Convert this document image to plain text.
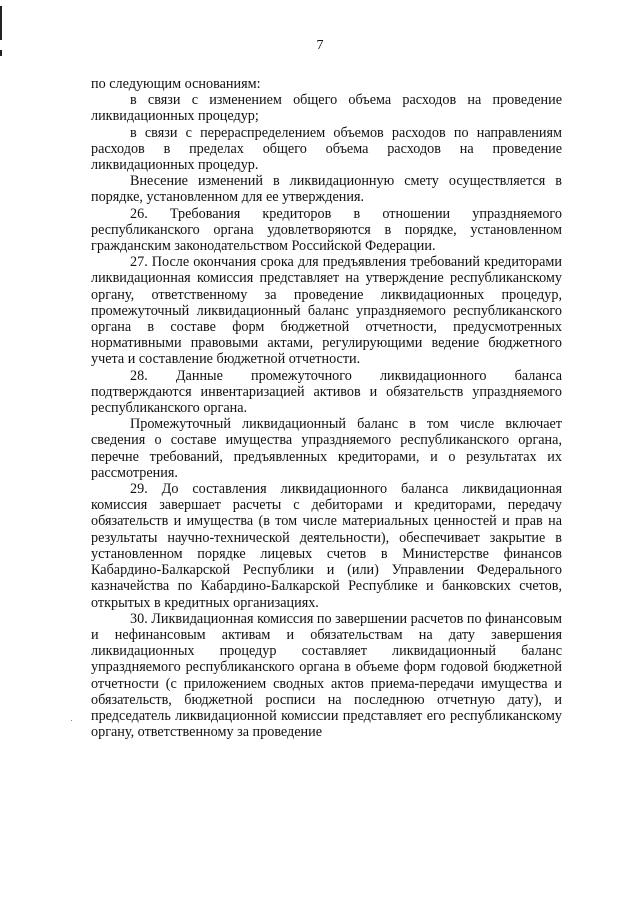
7

по следующим основаниям:

в связи с изменением общего объема расходов на проведение ликвидационных процедур;

в связи с перераспределением объемов расходов по направлениям расходов в пределах общего объема расходов на проведение ликвидационных процедур.

Внесение изменений в ликвидационную смету осуществляется в порядке, установленном для ее утверждения.

26. Требования кредиторов в отношении упраздняемого республиканского органа удовлетворяются в порядке, установленном гражданским законодательством Российской Федерации.

27. После окончания срока для предъявления требований кредиторами ликвидационная комиссия представляет на утверждение республиканскому органу, ответственному за проведение ликвидационных процедур, промежуточный ликвидационный баланс упраздняемого республиканского органа в составе форм бюджетной отчетности, предусмотренных нормативными правовыми актами, регулирующими ведение бюджетного учета и составление бюджетной отчетности.

28. Данные промежуточного ликвидационного баланса подтверждаются инвентаризацией активов и обязательств упраздняемого республиканского органа.

Промежуточный ликвидационный баланс в том числе включает сведения о составе имущества упраздняемого республиканского органа, перечне требований, предъявленных кредиторами, и о результатах их рассмотрения.

29. До составления ликвидационного баланса ликвидационная комиссия завершает расчеты с дебиторами и кредиторами, передачу обязательств и имущества (в том числе материальных ценностей и прав на результаты научно-технической деятельности), обеспечивает закрытие в установленном порядке лицевых счетов в Министерстве финансов Кабардино-Балкарской Республики и (или) Управлении Федерального казначейства по Кабардино-Балкарской Республике и банковских счетов, открытых в кредитных организациях.

30. Ликвидационная комиссия по завершении расчетов по финансовым и нефинансовым активам и обязательствам на дату завершения ликвидационных процедур составляет ликвидационный баланс упраздняемого республиканского органа в объеме форм годовой бюджетной отчетности (с приложением сводных актов приема-передачи имущества и обязательств, бюджетной росписи на последнюю отчетную дату), и председатель ликвидационной комиссии представляет его республиканскому органу, ответственному за проведение
